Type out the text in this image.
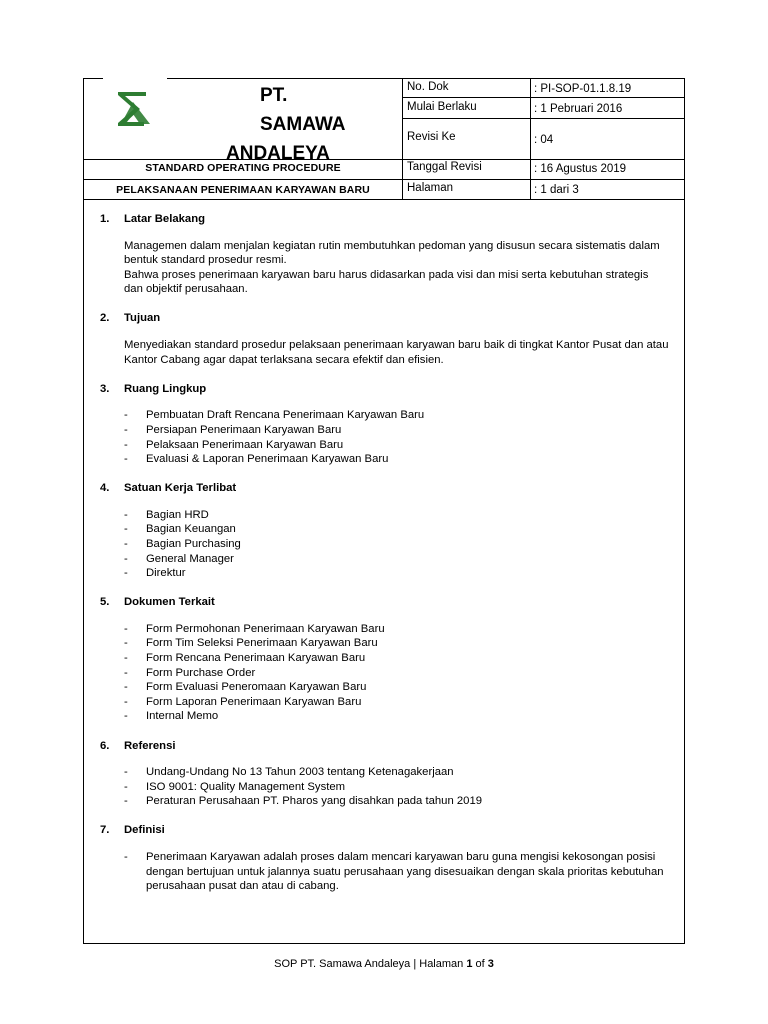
PT.
SAMAWA
ANDALEYA
STANDARD OPERATING PROCEDURE
PELAKSANAAN PENERIMAAN KARYAWAN BARU
No. Dok	: PI-SOP-01.1.8.19
Mulai Berlaku	: 1 Pebruari 2016
Revisi Ke	: 04
Tanggal Revisi	: 16 Agustus 2019
Halaman	: 1 dari 3
1.	Latar Belakang

Managemen dalam menjalan kegiatan rutin membutuhkan pedoman yang disusun secara sistematis dalam bentuk standard prosedur resmi.

Bahwa proses penerimaan karyawan baru harus didasarkan pada visi dan misi serta kebutuhan strategis dan objektif perusahaan.

2.	Tujuan

Menyediakan standard prosedur pelaksaan penerimaan karyawan baru baik di tingkat Kantor Pusat dan atau Kantor Cabang agar dapat terlaksana secara efektif dan efisien.

3.	Ruang Lingkup
-	Pembuatan Draft Rencana Penerimaan Karyawan Baru
-	Persiapan Penerimaan Karyawan Baru
-	Pelaksaan Penerimaan Karyawan Baru
-	Evaluasi & Laporan Penerimaan Karyawan Baru
4.	Satuan Kerja Terlibat
-	Bagian HRD
-	Bagian Keuangan
-	Bagian Purchasing
-	General Manager
-	Direktur
5.	Dokumen Terkait
-	Form Permohonan Penerimaan Karyawan Baru
-	Form Tim Seleksi Penerimaan Karyawan Baru
-	Form Rencana Penerimaan Karyawan Baru
-	Form Purchase Order
-	Form Evaluasi Peneromaan Karyawan Baru
-	Form Laporan Penerimaan Karyawan Baru
-	Internal Memo
6.	Referensi
-	Undang-Undang No 13 Tahun 2003 tentang Ketenagakerjaan
-	ISO 9001: Quality Management System
-	Peraturan Perusahaan PT. Pharos yang disahkan pada tahun 2019
7.	Definisi
-	Penerimaan Karyawan adalah proses dalam mencari karyawan baru guna mengisi kekosongan posisi dengan bertujuan untuk jalannya suatu perusahaan yang disesuaikan dengan skala prioritas kebutuhan perusahaan pusat dan atau di cabang.
SOP PT. Samawa Andaleya | Halaman 1 of 3
